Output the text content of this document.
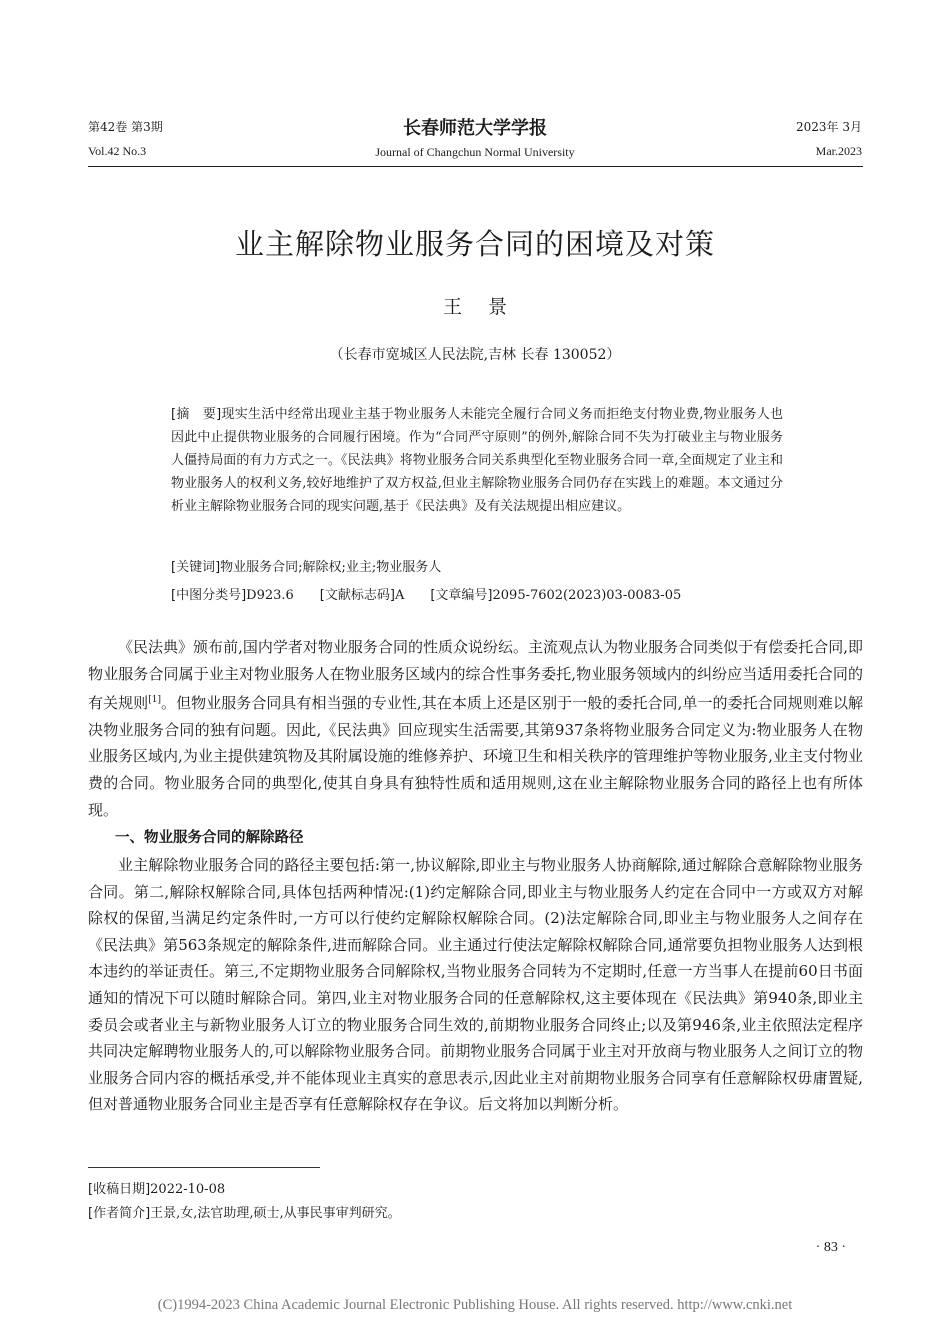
第42卷 第3期
Vol.42 No.3
长春师范大学学报
Journal of Changchun Normal University
2023年 3月
Mar.2023
业主解除物业服务合同的困境及对策
王景
（长春市宽城区人民法院,吉林 长春 130052）
[摘　要]现实生活中经常出现业主基于物业服务人未能完全履行合同义务而拒绝支付物业费,物业服务人也因此中止提供物业服务的合同履行困境。作为“合同严守原则”的例外,解除合同不失为打破业主与物业服务人僵持局面的有力方式之一。《民法典》将物业服务合同关系典型化至物业服务合同一章,全面规定了业主和物业服务人的权利义务,较好地维护了双方权益,但业主解除物业服务合同仍存在实践上的难题。本文通过分析业主解除物业服务合同的现实问题,基于《民法典》及有关法规提出相应建议。
[关键词]物业服务合同;解除权;业主;物业服务人
[中图分类号]D923.6 [文献标志码]A [文章编号]2095-7602(2023)03-0083-05

《民法典》颁布前,国内学者对物业服务合同的性质众说纷纭。主流观点认为物业服务合同类似于有偿委托合同,即物业服务合同属于业主对物业服务人在物业服务区域内的综合性事务委托,物业服务领域内的纠纷应当适用委托合同的有关规则[1]。但物业服务合同具有相当强的专业性,其在本质上还是区别于一般的委托合同,单一的委托合同规则难以解决物业服务合同的独有问题。因此,《民法典》回应现实生活需要,其第937条将物业服务合同定义为:物业服务人在物业服务区域内,为业主提供建筑物及其附属设施的维修养护、环境卫生和相关秩序的管理维护等物业服务,业主支付物业费的合同。物业服务合同的典型化,使其自身具有独特性质和适用规则,这在业主解除物业服务合同的路径上也有所体现。

一、物业服务合同的解除路径

业主解除物业服务合同的路径主要包括:第一,协议解除,即业主与物业服务人协商解除,通过解除合意解除物业服务合同。第二,解除权解除合同,具体包括两种情况:(1)约定解除合同,即业主与物业服务人约定在合同中一方或双方对解除权的保留,当满足约定条件时,一方可以行使约定解除权解除合同。(2)法定解除合同,即业主与物业服务人之间存在《民法典》第563条规定的解除条件,进而解除合同。业主通过行使法定解除权解除合同,通常要负担物业服务人达到根本违约的举证责任。第三,不定期物业服务合同解除权,当物业服务合同转为不定期时,任意一方当事人在提前60日书面通知的情况下可以随时解除合同。第四,业主对物业服务合同的任意解除权,这主要体现在《民法典》第940条,即业主委员会或者业主与新物业服务人订立的物业服务合同生效的,前期物业服务合同终止;以及第946条,业主依照法定程序共同决定解聘物业服务人的,可以解除物业服务合同。前期物业服务合同属于业主对开放商与物业服务人之间订立的物业服务合同内容的概括承受,并不能体现业主真实的意思表示,因此业主对前期物业服务合同享有任意解除权毋庸置疑,但对普通物业服务合同业主是否享有任意解除权存在争议。后文将加以判断分析。

[收稿日期]2022-10-08
[作者简介]王景,女,法官助理,硕士,从事民事审判研究。
· 83 ·
(C)1994-2023 China Academic Journal Electronic Publishing House. All rights reserved. http://www.cnki.net
